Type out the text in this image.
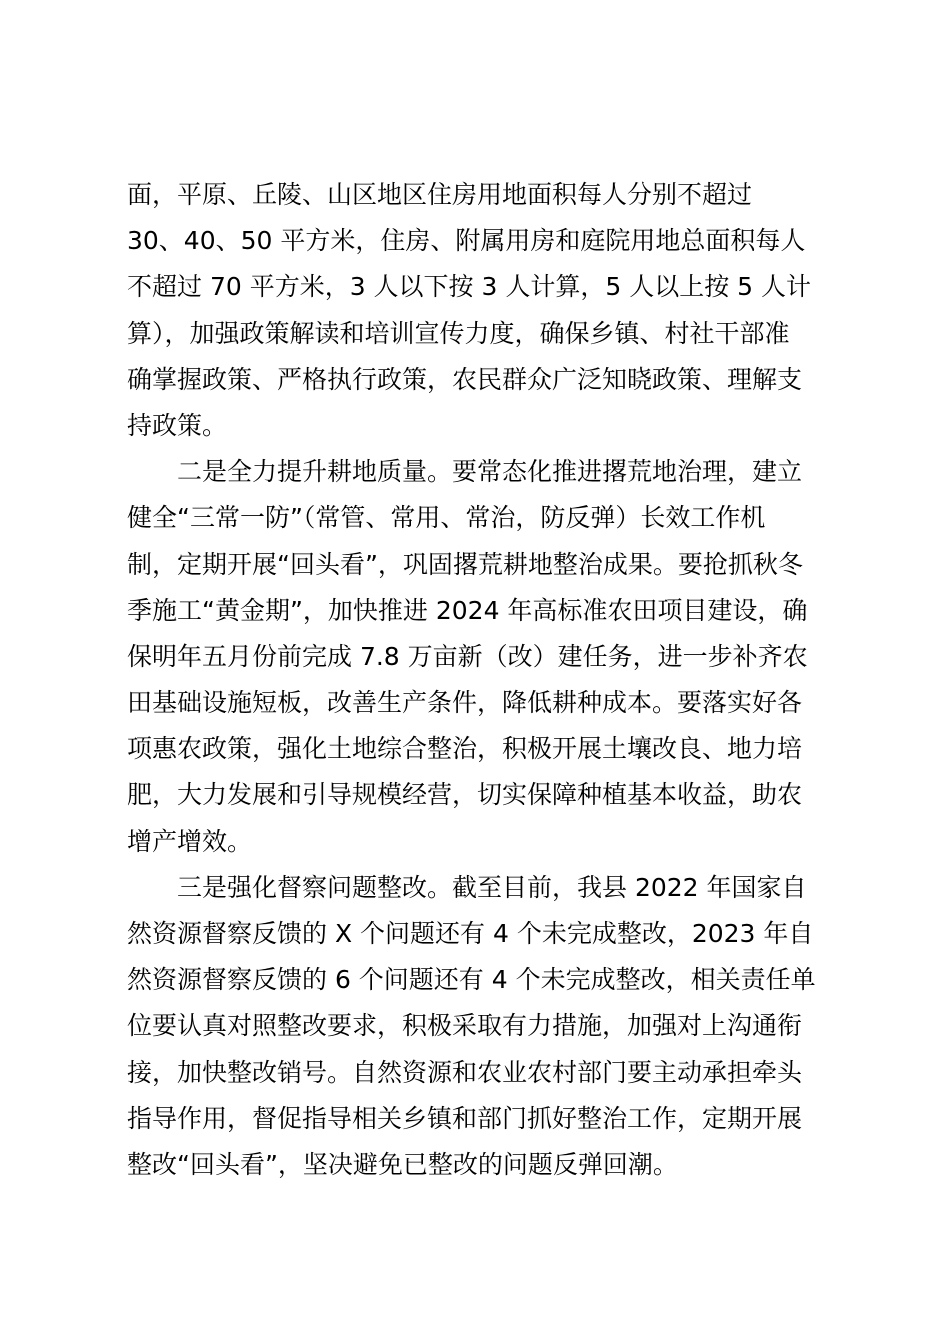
面，平原、丘陵、山区地区住房用地面积每人分别不超过
30、40、50 平方米，住房、附属用房和庭院用地总面积每人
不超过 70 平方米，3 人以下按 3 人计算，5 人以上按 5 人计
算），加强政策解读和培训宣传力度，确保乡镇、村社干部准
确掌握政策、严格执行政策，农民群众广泛知晓政策、理解支
持政策。
二是全力提升耕地质量。要常态化推进撂荒地治理，建立
健全“三常一防”（常管、常用、常治，防反弹）长效工作机
制，定期开展“回头看”，巩固撂荒耕地整治成果。要抢抓秋冬
季施工“黄金期”，加快推进 2024 年高标准农田项目建设，确
保明年五月份前完成 7.8 万亩新（改）建任务，进一步补齐农
田基础设施短板，改善生产条件，降低耕种成本。要落实好各
项惠农政策，强化土地综合整治，积极开展土壤改良、地力培
肥，大力发展和引导规模经营，切实保障种植基本收益，助农
增产增效。
三是强化督察问题整改。截至目前，我县 2022 年国家自
然资源督察反馈的 X 个问题还有 4 个未完成整改，2023 年自
然资源督察反馈的 6 个问题还有 4 个未完成整改，相关责任单
位要认真对照整改要求，积极采取有力措施，加强对上沟通衔
接，加快整改销号。自然资源和农业农村部门要主动承担牵头
指导作用，督促指导相关乡镇和部门抓好整治工作，定期开展
整改“回头看”，坚决避免已整改的问题反弹回潮。
